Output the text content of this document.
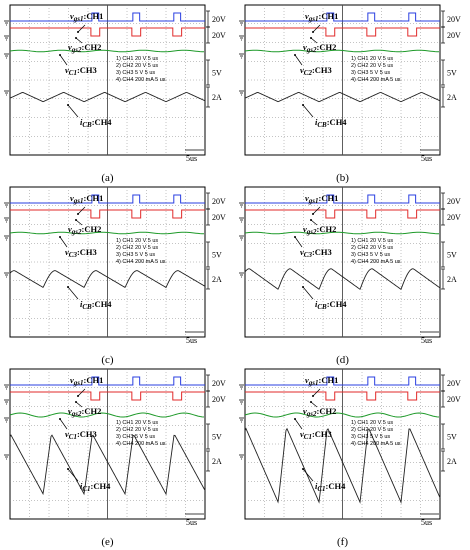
20V
20V
5V
2A
5us
1) CH1 20 V 5 us
2) CH2 20 V 5 us
3) CH3 5 V 5 us
4) CH4 200 mA 5 us
$v_{gs1}:CH1$
$v_{gs2}:CH2$
$v_{C1}:CH3$
$i_{CB}:CH4$
(a)
20V
20V
5V
2A
5us
1) CH1 20 V 5 us
2) CH2 20 V 5 us
3) CH3 5 V 5 us
4) CH4 200 mA 5 us
$v_{gs1}:CH1$
$v_{gs2}:CH2$
$v_{C2}:CH3$
$i_{CB}:CH4$
(b)
20V
20V
5V
2A
5us
1) CH1 20 V 5 us
2) CH2 20 V 5 us
3) CH3 5 V 5 us
4) CH4 200 mA 5 us
$v_{gs1}:CH1$
$v_{gs2}:CH2$
$v_{C3}:CH3$
$i_{CB}:CH4$
(c)
20V
20V
5V
2A
5us
1) CH1 20 V 5 us
2) CH2 20 V 5 us
3) CH3 5 V 5 us
4) CH4 200 mA 5 us
$v_{gs1}:CH1$
$v_{gs2}:CH2$
$v_{C3}:CH3$
$i_{CB}:CH4$
(d)
20V
20V
5V
2A
5us
1) CH1 20 V 5 us
2) CH2 20 V 5 us
3) CH3 5 V 5 us
4) CH4 200 mA 5 us
$v_{gs1}:CH1$
$v_{gs2}:CH2$
$v_{C1}:CH3$
$i_{C1}:CH4$
(e)
20V
20V
5V
2A
5us
1) CH1 20 V 5 us
2) CH2 20 V 5 us
3) CH3 5 V 5 us
4) CH4 200 mA 5 us
$v_{gs1}:CH1$
$v_{gs2}:CH2$
$v_{C1}:CH3$
$i_{C1}:CH4$
(f)
